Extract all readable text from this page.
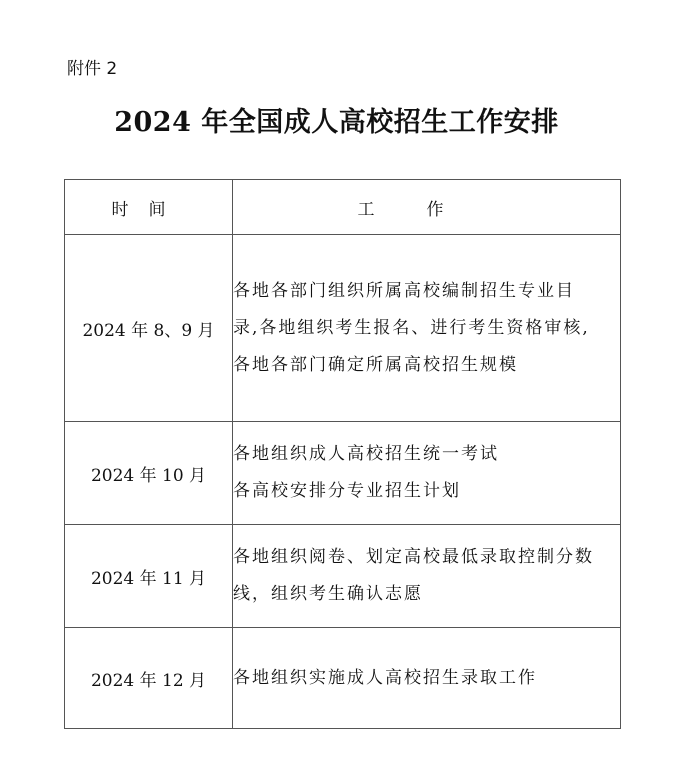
附件 2
2024 年全国成人高校招生工作安排
时间	工作
2024 年 8、9 月	各地各部门组织所属高校编制招生专业目
录,各地组织考生报名、进行考生资格审核,
各地各部门确定所属高校招生规模

2024 年 10 月	各地组织成人高校招生统一考试
各高校安排分专业招生计划

2024 年 11 月	各地组织阅卷、划定高校最低录取控制分数
线，组织考生确认志愿

2024 年 12 月	各地组织实施成人高校招生录取工作
